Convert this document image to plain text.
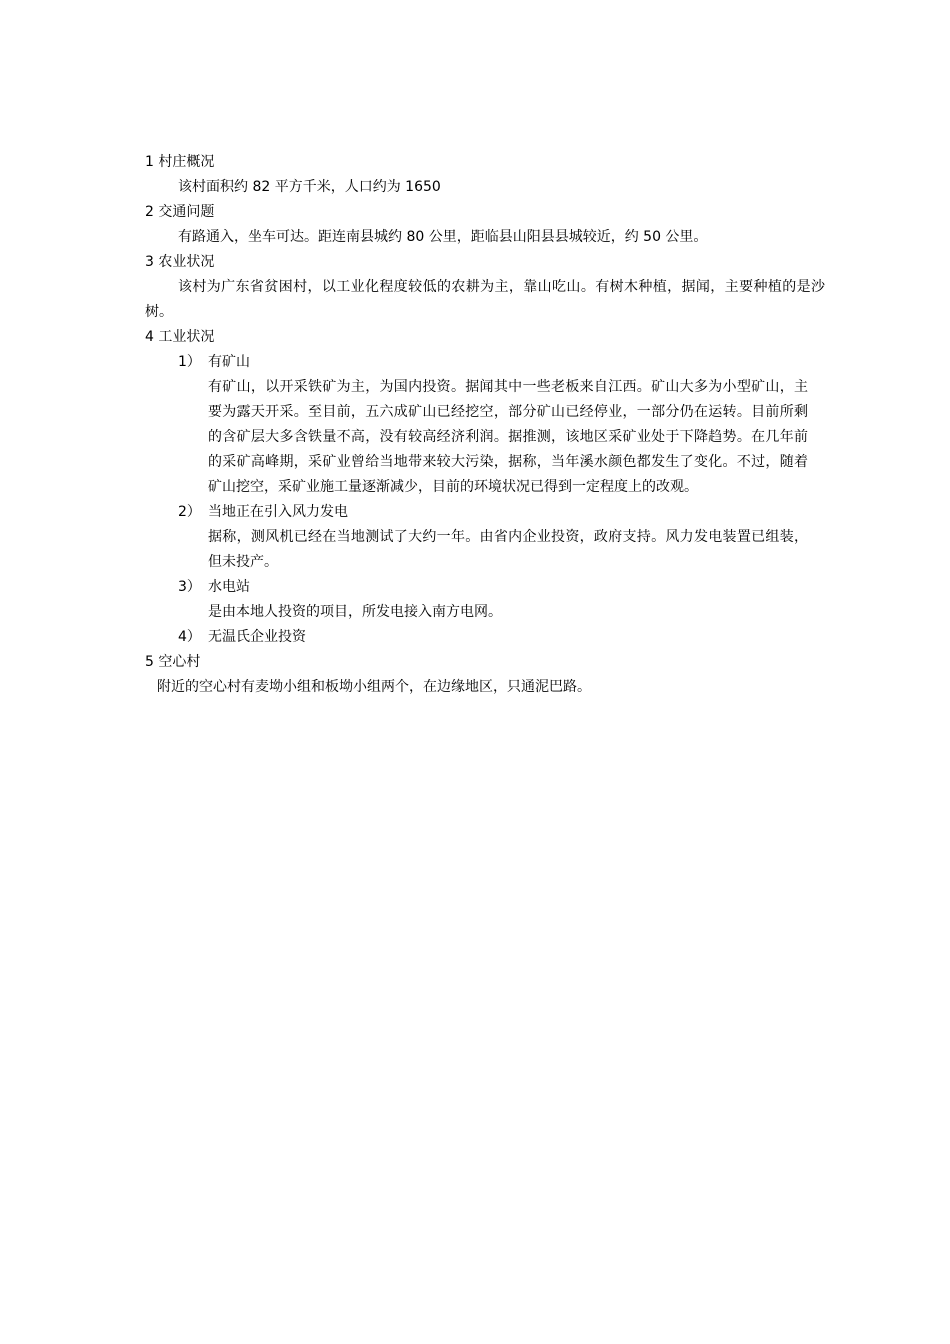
1 村庄概况

该村面积约 82 平方千米，人口约为 1650

2 交通问题

有路通入，坐车可达。距连南县城约 80 公里，距临县山阳县县城较近，约 50 公里。

3 农业状况

该村为广东省贫困村，以工业化程度较低的农耕为主，靠山吃山。有树木种植，据闻，主要种植的是沙树。

4 工业状况

1） 有矿山

有矿山，以开采铁矿为主，为国内投资。据闻其中一些老板来自江西。矿山大多为小型矿山，主要为露天开采。至目前，五六成矿山已经挖空，部分矿山已经停业，一部分仍在运转。目前所剩的含矿层大多含铁量不高，没有较高经济利润。据推测，该地区采矿业处于下降趋势。在几年前的采矿高峰期，采矿业曾给当地带来较大污染，据称，当年溪水颜色都发生了变化。不过，随着矿山挖空，采矿业施工量逐渐减少，目前的环境状况已得到一定程度上的改观。

2） 当地正在引入风力发电

据称，测风机已经在当地测试了大约一年。由省内企业投资，政府支持。风力发电装置已组装，但未投产。

3） 水电站

是由本地人投资的项目，所发电接入南方电网。

4） 无温氏企业投资

5 空心村

附近的空心村有麦坳小组和板坳小组两个，在边缘地区，只通泥巴路。
